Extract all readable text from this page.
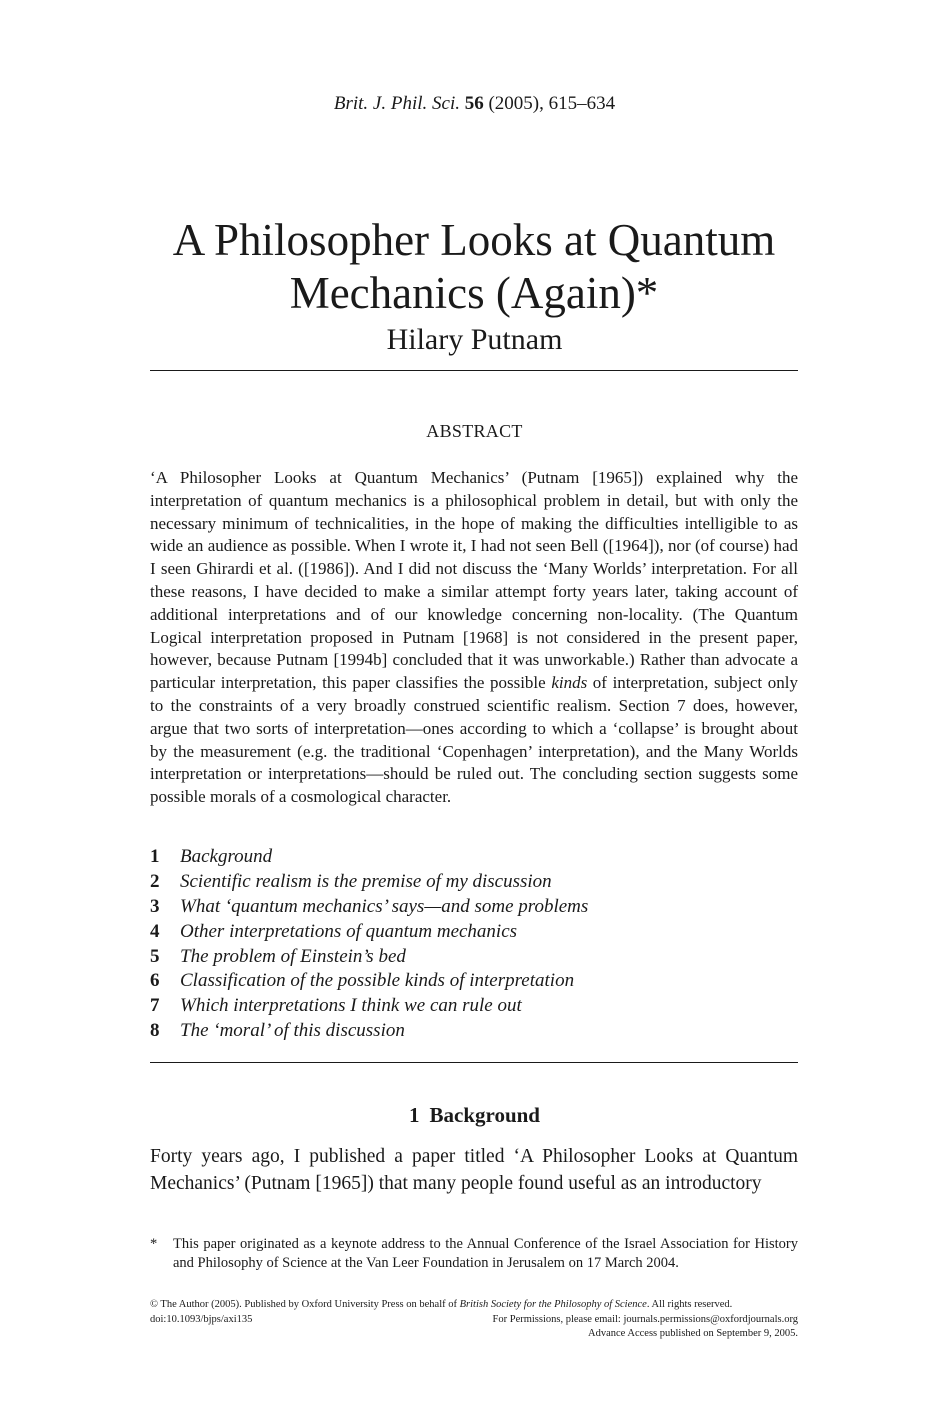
Brit. J. Phil. Sci. 56 (2005), 615–634
A Philosopher Looks at Quantum
Mechanics (Again)*
Hilary Putnam
ABSTRACT

‘A Philosopher Looks at Quantum Mechanics’ (Putnam [1965]) explained why the interpretation of quantum mechanics is a philosophical problem in detail, but with only the necessary minimum of technicalities, in the hope of making the difficulties intelligible to as wide an audience as possible. When I wrote it, I had not seen Bell ([1964]), nor (of course) had I seen Ghirardi et al. ([1986]). And I did not discuss the ‘Many Worlds’ interpretation. For all these reasons, I have decided to make a similar attempt forty years later, taking account of additional interpretations and of our knowledge concerning non-locality. (The Quantum Logical interpretation proposed in Putnam [1968] is not considered in the present paper, however, because Putnam [1994b] concluded that it was unworkable.) Rather than advocate a particular interpretation, this paper classifies the possible kinds of interpretation, subject only to the constraints of a very broadly construed scientific realism. Section 7 does, however, argue that two sorts of interpretation—ones according to which a ‘collapse’ is brought about by the measurement (e.g. the traditional ‘Copenhagen’ interpretation), and the Many Worlds interpretation or interpretations—should be ruled out. The concluding section suggests some possible morals of a cosmological character.

1 Background
2 Scientific realism is the premise of my discussion
3 What ‘quantum mechanics’ says—and some problems
4 Other interpretations of quantum mechanics
5 The problem of Einstein’s bed
6 Classification of the possible kinds of interpretation
7 Which interpretations I think we can rule out
8 The ‘moral’ of this discussion
1 Background

Forty years ago, I published a paper titled ‘A Philosopher Looks at Quantum Mechanics’ (Putnam [1965]) that many people found useful as an introductory

* This paper originated as a keynote address to the Annual Conference of the Israel Association for History and Philosophy of Science at the Van Leer Foundation in Jerusalem on 17 March 2004.
© The Author (2005). Published by Oxford University Press on behalf of British Society for the Philosophy of Science. All rights reserved.
doi:10.1093/bjps/axi135	For Permissions, please email: journals.permissions@oxfordjournals.org
Advance Access published on September 9, 2005.
